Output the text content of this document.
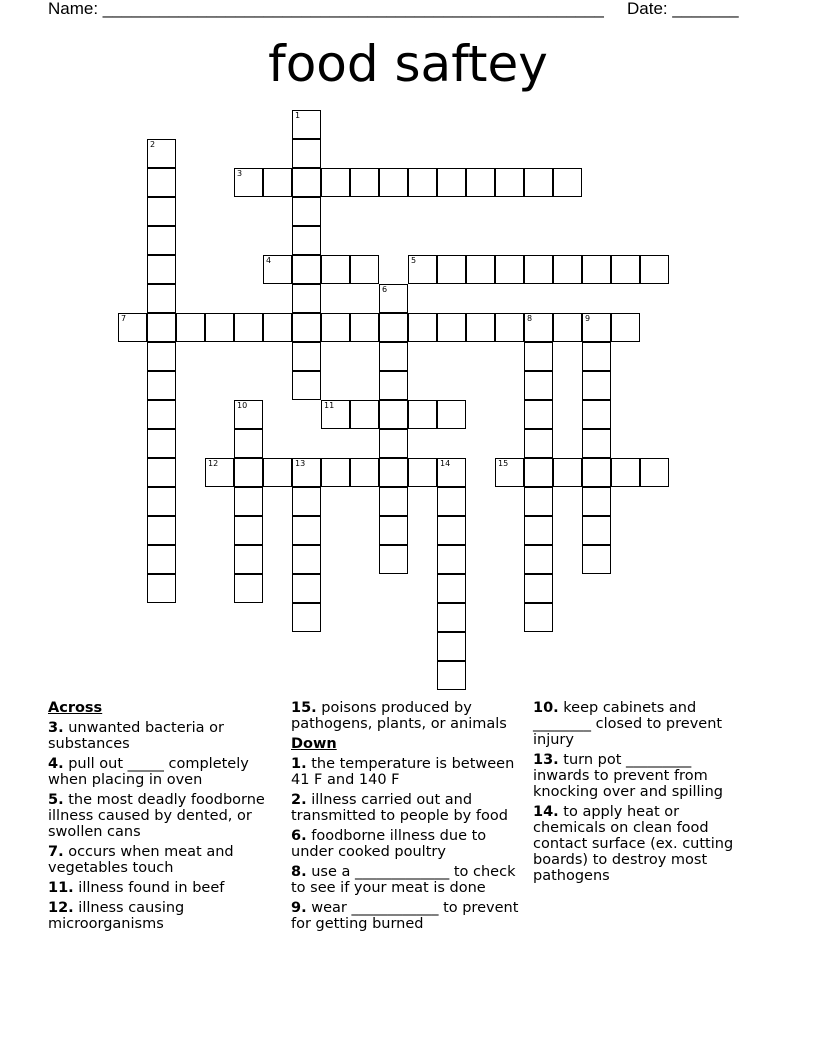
Name: _____________________________________________________ Date: _______
food saftey
1
2
3
4	5
6
7	8	9
10	11
12	13	14	15
Across
3. unwanted bacteria or substances
4. pull out _____ completely when placing in oven
5. the most deadly foodborne illness caused by dented, or swollen cans
7. occurs when meat and vegetables touch
11. illness found in beef
12. illness causing microorganisms
15. poisons produced by pathogens, plants, or animals
Down
1. the temperature is between 41 F and 140 F
2. illness carried out and transmitted to people by food
6. foodborne illness due to under cooked poultry
8. use a _____________ to check to see if your meat is done
9. wear ____________ to prevent for getting burned
10. keep cabinets and ________ closed to prevent injury
13. turn pot _________ inwards to prevent from knocking over and spilling
14. to apply heat or chemicals on clean food contact surface (ex. cutting boards) to destroy most pathogens
